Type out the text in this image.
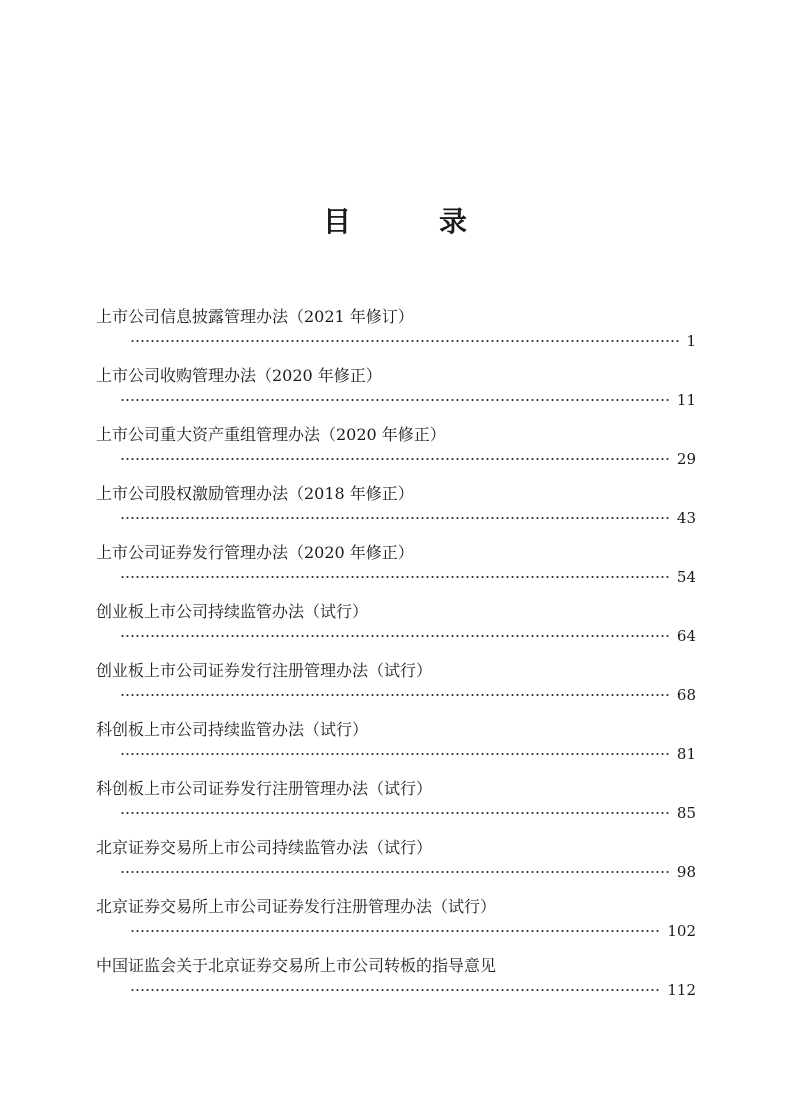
目　录
上市公司信息披露管理办法（2021 年修订）
1
上市公司收购管理办法（2020 年修正）
11
上市公司重大资产重组管理办法（2020 年修正）
29
上市公司股权激励管理办法（2018 年修正）
43
上市公司证券发行管理办法（2020 年修正）
54
创业板上市公司持续监管办法（试行）
64
创业板上市公司证券发行注册管理办法（试行）
68
科创板上市公司持续监管办法（试行）
81
科创板上市公司证券发行注册管理办法（试行）
85
北京证券交易所上市公司持续监管办法（试行）
98
北京证券交易所上市公司证券发行注册管理办法（试行）
102
中国证监会关于北京证券交易所上市公司转板的指导意见
112
